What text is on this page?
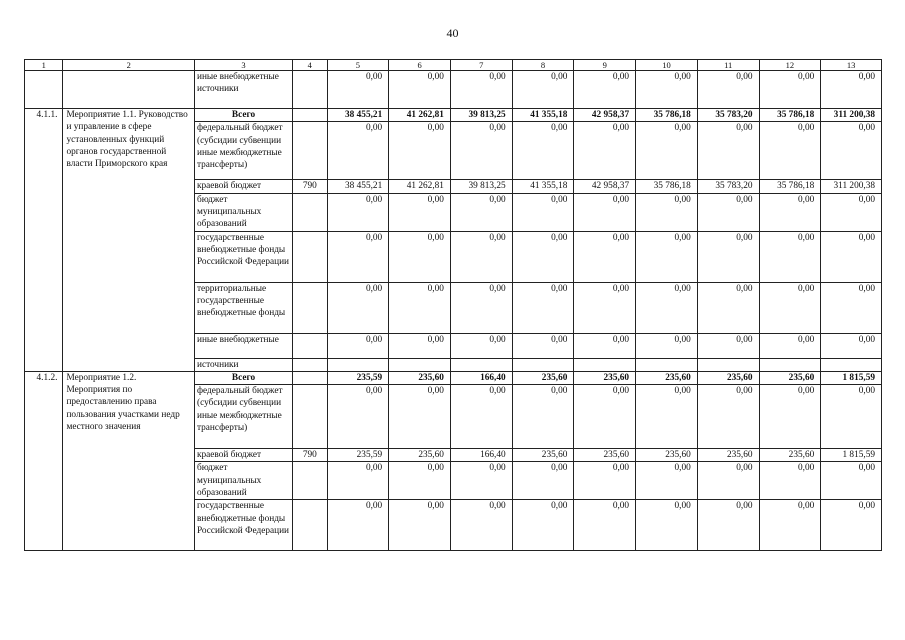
40
1	2	3	4	5	6	7	8	9	10	11	12	13
		иные внебюджетные источники		0,00	0,00	0,00	0,00	0,00	0,00	0,00	0,00	0,00
4.1.1.	Мероприятие 1.1. Руководство и управление в сфере установленных функций органов государственной власти Приморского края	Всего		38 455,21	41 262,81	39 813,25	41 355,18	42 958,37	35 786,18	35 783,20	35 786,18	311 200,38
		федеральный бюджет (субсидии субвенции иные межбюджетные трансферты)		0,00	0,00	0,00	0,00	0,00	0,00	0,00	0,00	0,00
		краевой бюджет	790	38 455,21	41 262,81	39 813,25	41 355,18	42 958,37	35 786,18	35 783,20	35 786,18	311 200,38
		бюджет муниципальных образований		0,00	0,00	0,00	0,00	0,00	0,00	0,00	0,00	0,00
		государственные внебюджетные фонды Российской Федерации		0,00	0,00	0,00	0,00	0,00	0,00	0,00	0,00	0,00
		территориальные государственные внебюджетные фонды		0,00	0,00	0,00	0,00	0,00	0,00	0,00	0,00	0,00
		иные внебюджетные		0,00	0,00	0,00	0,00	0,00	0,00	0,00	0,00	0,00
		источники										
4.1.2.	Мероприятие 1.2. Мероприятия по предоставлению права пользования участками недр местного значения	Всего		235,59	235,60	166,40	235,60	235,60	235,60	235,60	235,60	1 815,59
		федеральный бюджет (субсидии субвенции иные межбюджетные трансферты)		0,00	0,00	0,00	0,00	0,00	0,00	0,00	0,00	0,00
		краевой бюджет	790	235,59	235,60	166,40	235,60	235,60	235,60	235,60	235,60	1 815,59
		бюджет муниципальных образований		0,00	0,00	0,00	0,00	0,00	0,00	0,00	0,00	0,00
		государственные внебюджетные фонды Российской Федерации		0,00	0,00	0,00	0,00	0,00	0,00	0,00	0,00	0,00
